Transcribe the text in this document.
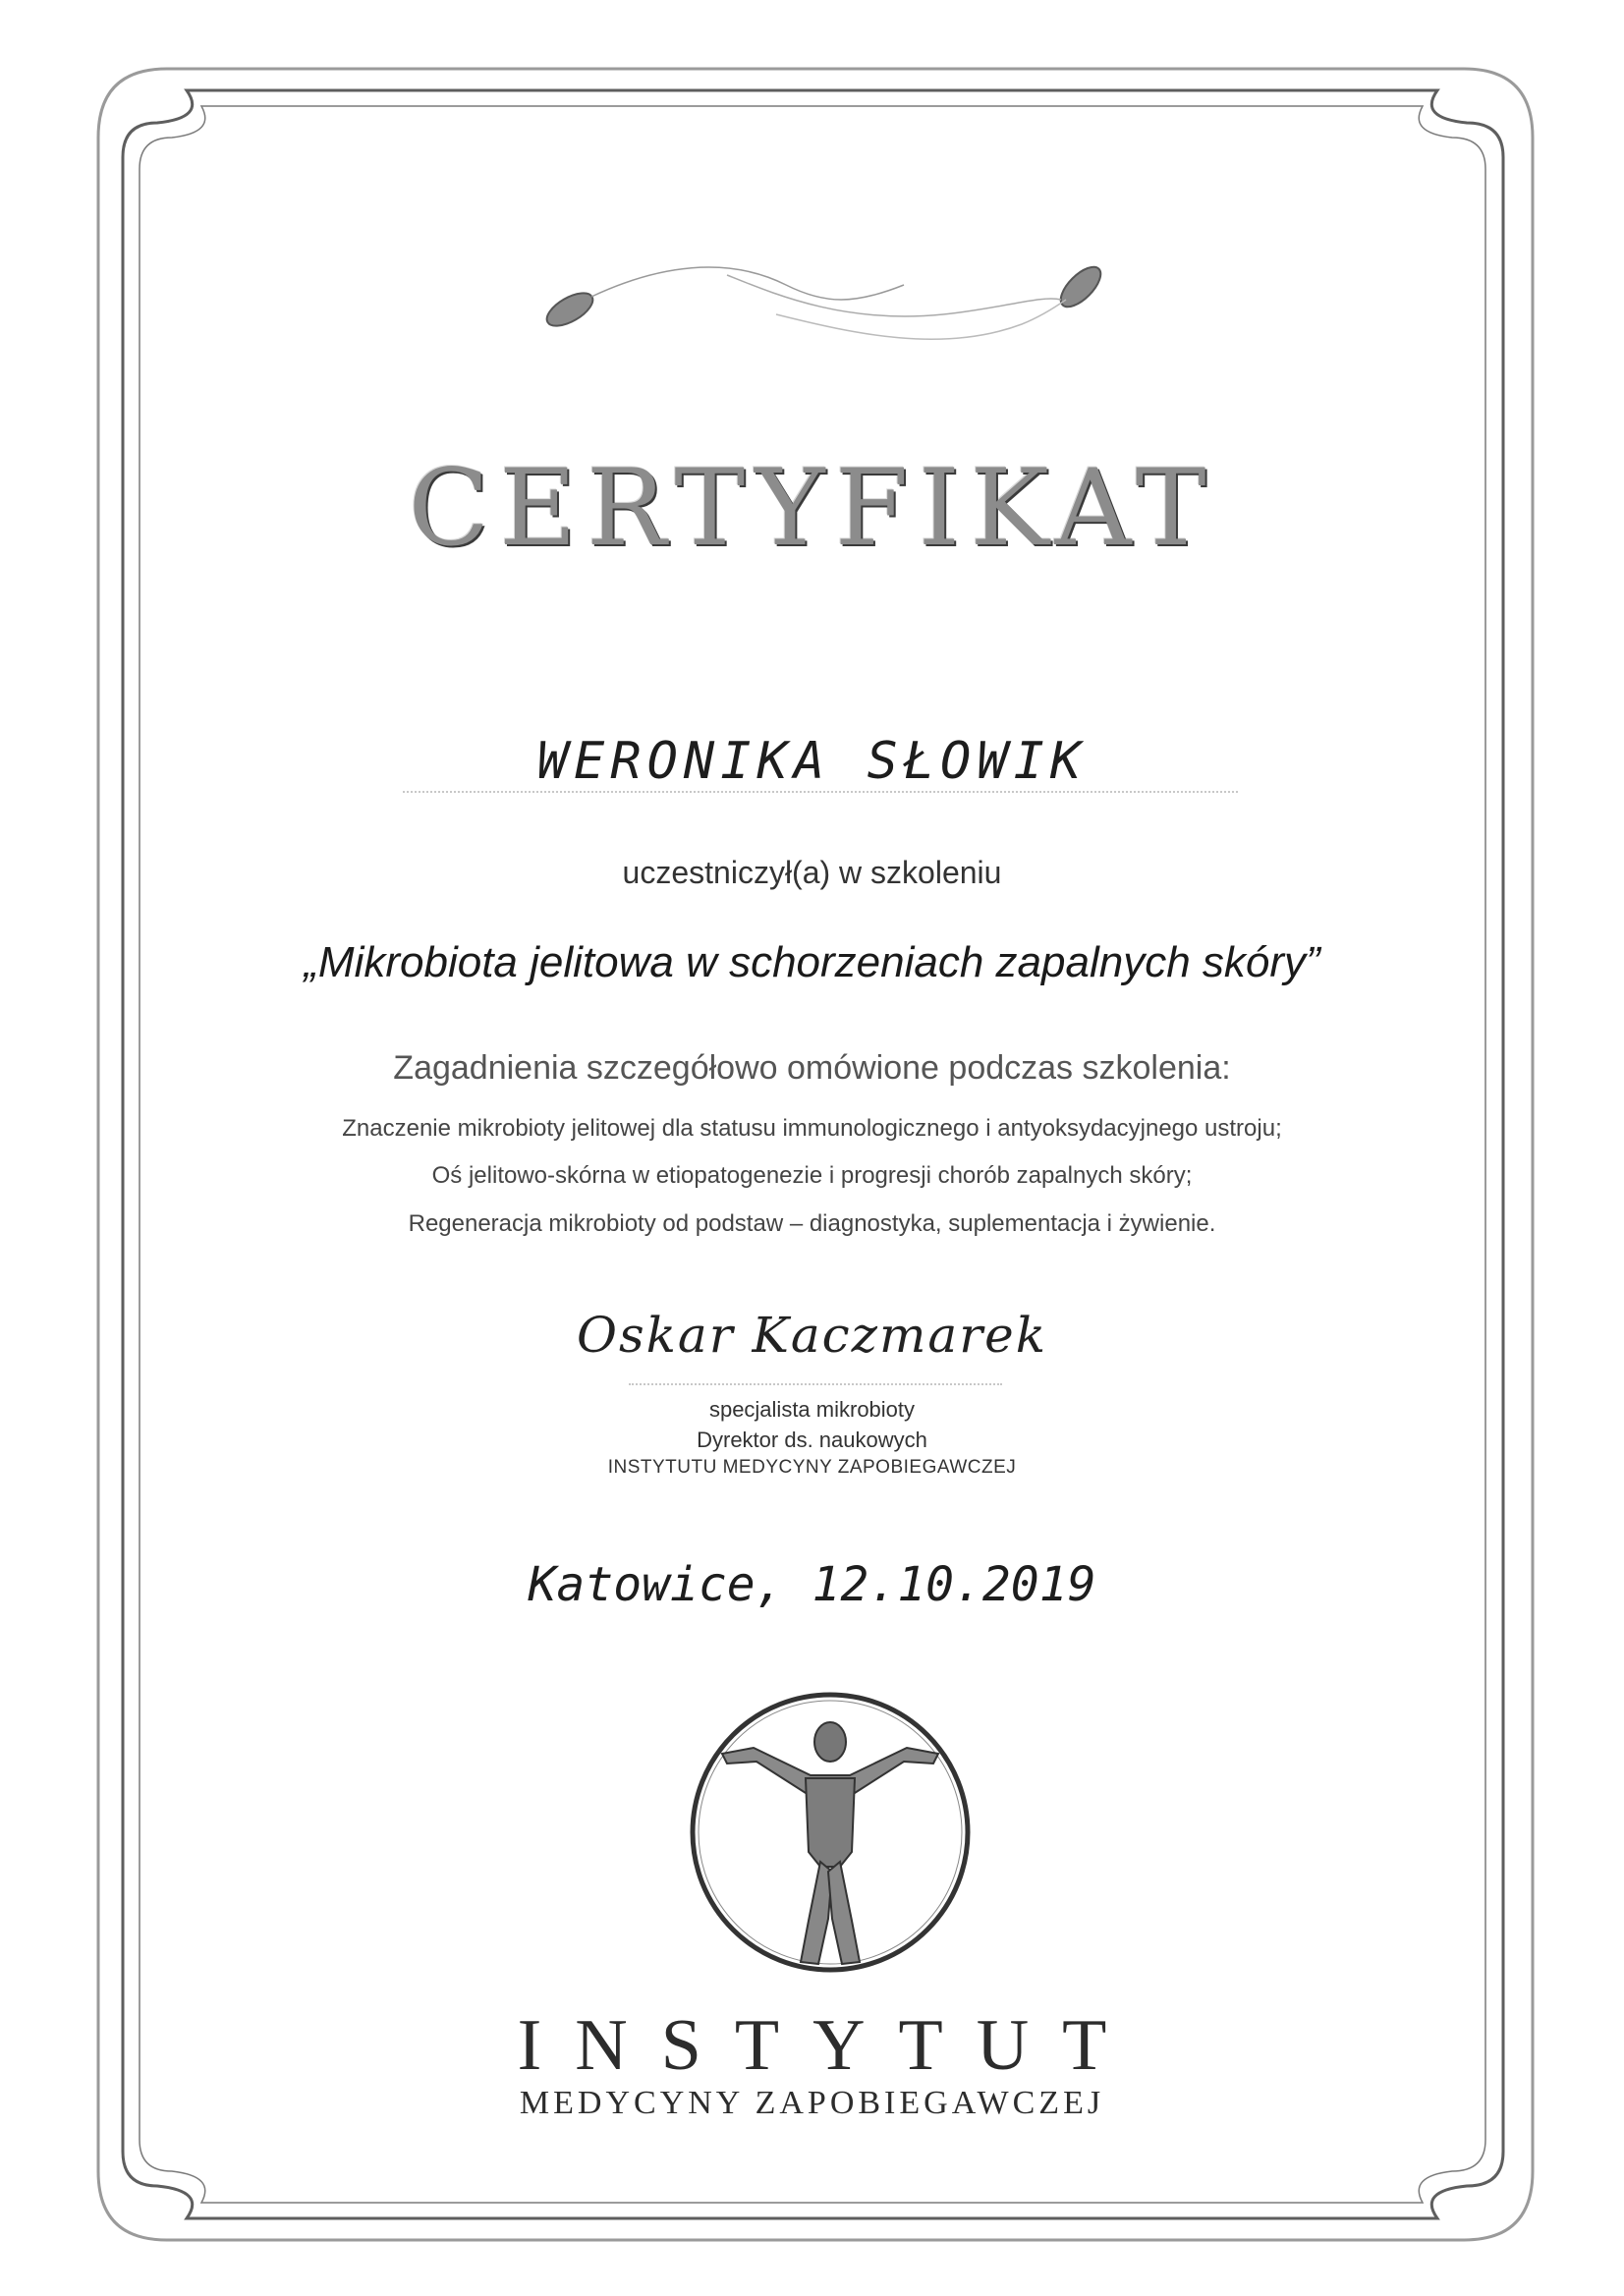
CERTYFIKAT
WERONIKA SŁOWIK
uczestniczył(a) w szkoleniu
„Mikrobiota jelitowa w schorzeniach zapalnych skóry”
Zagadnienia szczegółowo omówione podczas szkolenia:
Znaczenie mikrobioty jelitowej dla statusu immunologicznego i antyoksydacyjnego ustroju;
Oś jelitowo-skórna w etiopatogenezie i progresji chorób zapalnych skóry;
Regeneracja mikrobioty od podstaw – diagnostyka, suplementacja i żywienie.
Oskar Kaczmarek
specjalista mikrobioty
Dyrektor ds. naukowych
INSTYTUTU MEDYCYNY ZAPOBIEGAWCZEJ
Katowice, 12.10.2019
INSTYTUT
MEDYCYNY ZAPOBIEGAWCZEJ
